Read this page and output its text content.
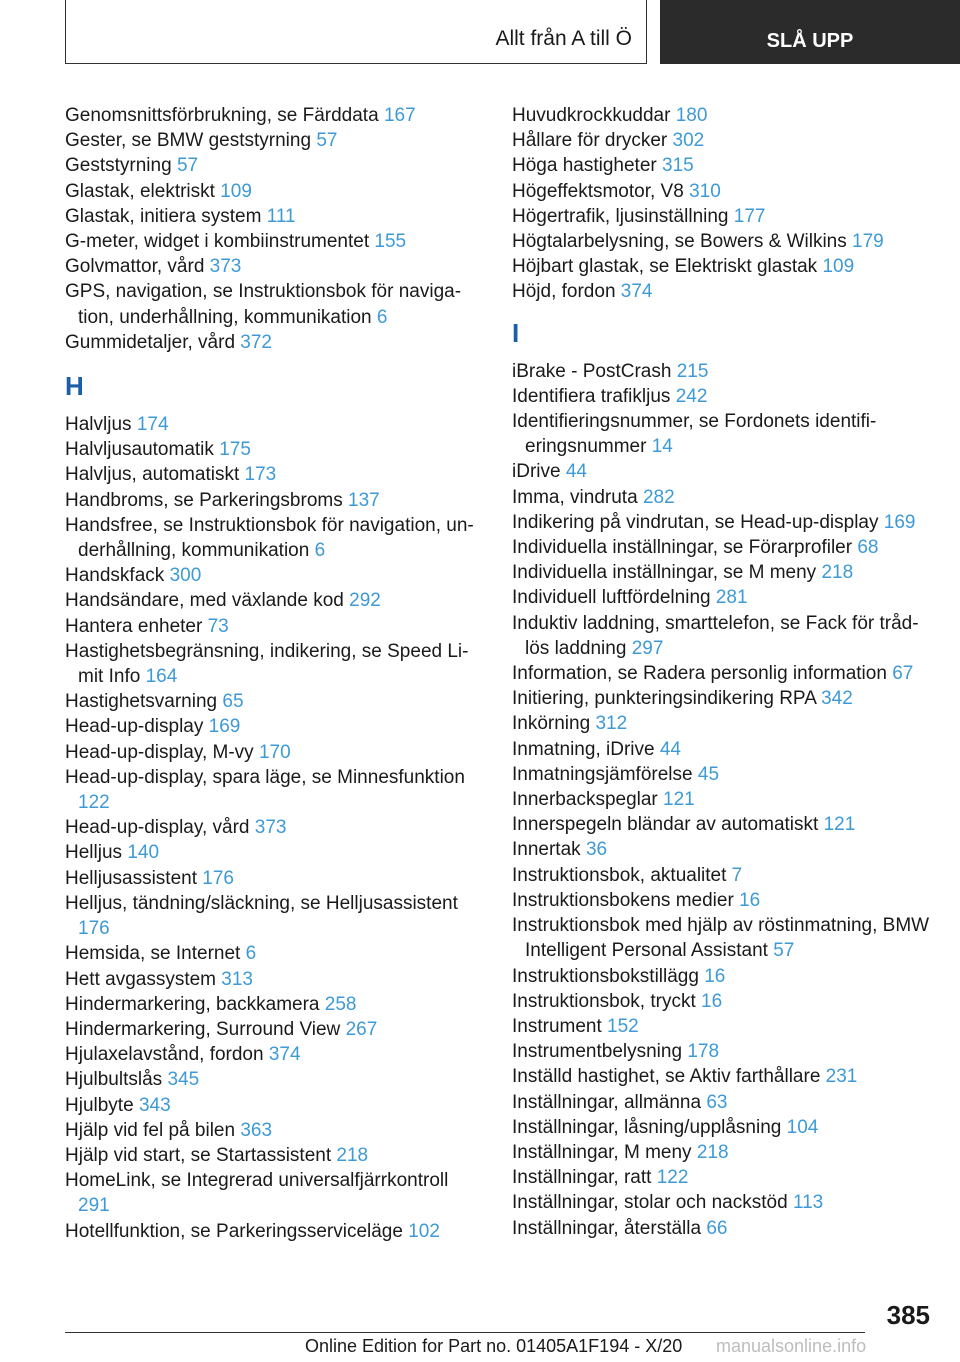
Allt från A till Ö	SLÅ UPP
Genomsnittsförbrukning, se Färddata 167
Gester, se BMW geststyrning 57
Geststyrning 57
Glastak, elektriskt 109
Glastak, initiera system 111
G-meter, widget i kombiinstrumentet 155
Golvmattor, vård 373
GPS, navigation, se Instruktionsbok för navigation, underhållning, kommunikation 6
Gummidetaljer, vård 372
H
Halvljus 174
Halvljusautomatik 175
Halvljus, automatiskt 173
Handbroms, se Parkeringsbroms 137
Handsfree, se Instruktionsbok för navigation, underhållning, kommunikation 6
Handskfack 300
Handsändare, med växlande kod 292
Hantera enheter 73
Hastighetsbegränsning, indikering, se Speed Limit Info 164
Hastighetsvarning 65
Head-up-display 169
Head-up-display, M-vy 170
Head-up-display, spara läge, se Minnesfunktion 122
Head-up-display, vård 373
Helljus 140
Helljusassistent 176
Helljus, tändning/släckning, se Helljusassistent 176
Hemsida, se Internet 6
Hett avgassystem 313
Hindermarkering, backkamera 258
Hindermarkering, Surround View 267
Hjulaxelavstånd, fordon 374
Hjulbultslås 345
Hjulbyte 343
Hjälp vid fel på bilen 363
Hjälp vid start, se Startassistent 218
HomeLink, se Integrerad universalfjärrkontroll 291
Hotellfunktion, se Parkeringsserviceläge 102
Huvudkrockkuddar 180
Hållare för drycker 302
Höga hastigheter 315
Högeffektsmotor, V8 310
Högertrafik, ljusinställning 177
Högtalarbelysning, se Bowers & Wilkins 179
Höjbart glastak, se Elektriskt glastak 109
Höjd, fordon 374
I
iBrake - PostCrash 215
Identifiera trafikljus 242
Identifieringsnummer, se Fordonets identifieringsnummer 14
iDrive 44
Imma, vindruta 282
Indikering på vindrutan, se Head-up-display 169
Individuella inställningar, se Förarprofiler 68
Individuella inställningar, se M meny 218
Individuell luftfördelning 281
Induktiv laddning, smarttelefon, se Fack för trådlös laddning 297
Information, se Radera personlig information 67
Initiering, punkteringsindikering RPA 342
Inkörning 312
Inmatning, iDrive 44
Inmatningsjämförelse 45
Innerbackspeglar 121
Innerspegeln bländar av automatiskt 121
Innertak 36
Instruktionsbok, aktualitet 7
Instruktionsbokens medier 16
Instruktionsbok med hjälp av röstinmatning, BMW Intelligent Personal Assistant 57
Instruktionsbokstillägg 16
Instruktionsbok, tryckt 16
Instrument 152
Instrumentbelysning 178
Inställd hastighet, se Aktiv farthållare 231
Inställningar, allmänna 63
Inställningar, låsning/upplåsning 104
Inställningar, M meny 218
Inställningar, ratt 122
Inställningar, stolar och nackstöd 113
Inställningar, återställa 66
385
Online Edition for Part no. 01405A1F194 - X/20 manualsonline.info
